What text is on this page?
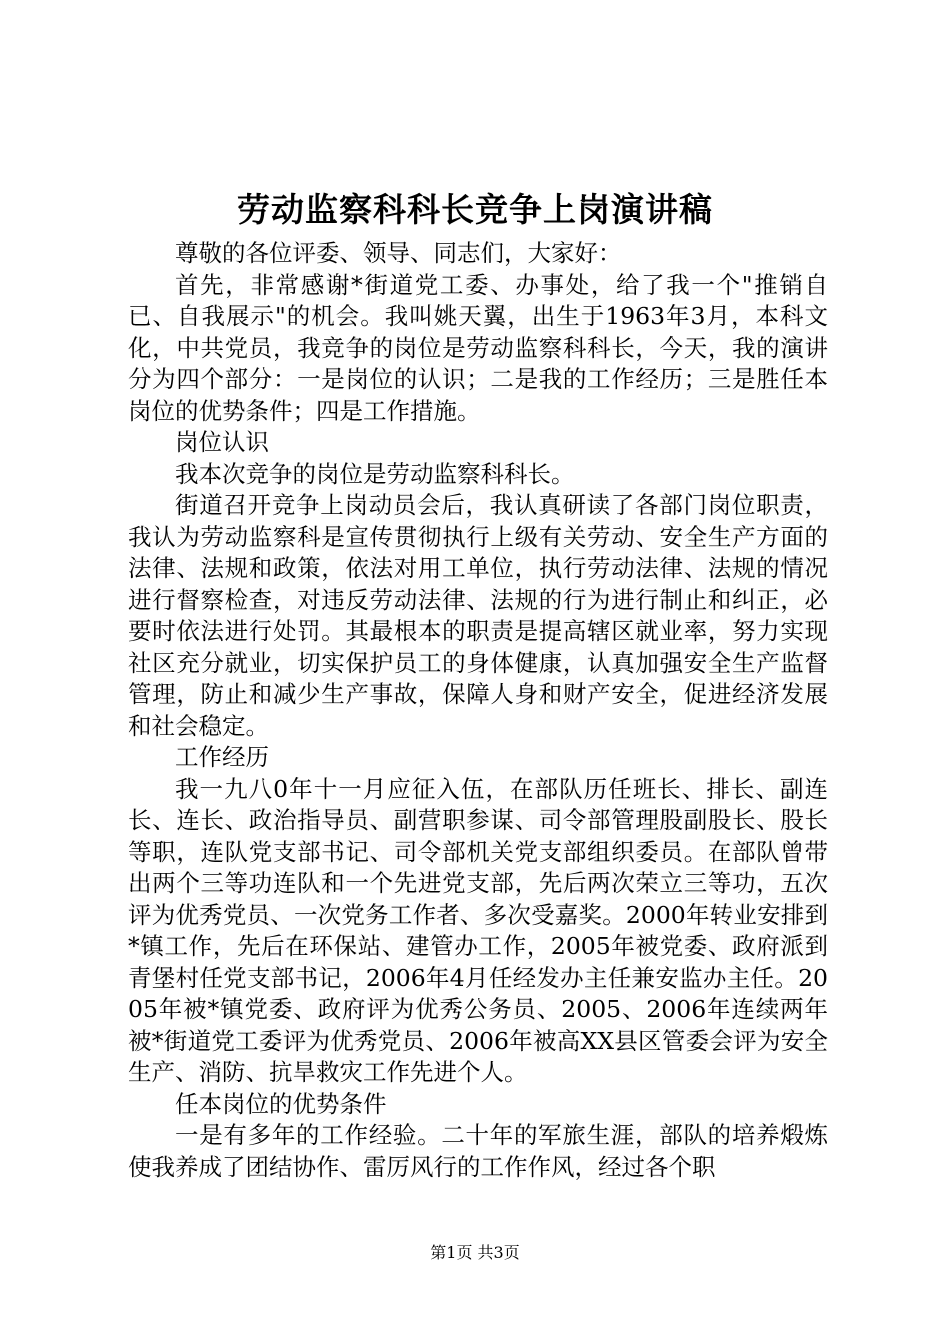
劳动监察科科长竞争上岗演讲稿

尊敬的各位评委、领导、同志们，大家好：

首先，非常感谢*街道党工委、办事处，给了我一个"推销自已、自我展示"的机会。我叫姚天翼，出生于1963年3月，本科文化，中共党员，我竞争的岗位是劳动监察科科长，今天，我的演讲分为四个部分：一是岗位的认识；二是我的工作经历；三是胜任本岗位的优势条件；四是工作措施。

岗位认识

我本次竞争的岗位是劳动监察科科长。

街道召开竞争上岗动员会后，我认真研读了各部门岗位职责，我认为劳动监察科是宣传贯彻执行上级有关劳动、安全生产方面的法律、法规和政策，依法对用工单位，执行劳动法律、法规的情况进行督察检查，对违反劳动法律、法规的行为进行制止和纠正，必要时依法进行处罚。其最根本的职责是提高辖区就业率，努力实现社区充分就业，切实保护员工的身体健康，认真加强安全生产监督管理，防止和减少生产事故，保障人身和财产安全，促进经济发展和社会稳定。

工作经历

我一九八0年十一月应征入伍，在部队历任班长、排长、副连长、连长、政治指导员、副营职参谋、司令部管理股副股长、股长等职，连队党支部书记、司令部机关党支部组织委员。在部队曾带出两个三等功连队和一个先进党支部，先后两次荣立三等功，五次评为优秀党员、一次党务工作者、多次受嘉奖。2000年转业安排到*镇工作，先后在环保站、建管办工作，2005年被党委、政府派到青堡村任党支部书记，2006年4月任经发办主任兼安监办主任。2005年被*镇党委、政府评为优秀公务员、2005、2006年连续两年被*街道党工委评为优秀党员、2006年被高XX县区管委会评为安全生产、消防、抗旱救灾工作先进个人。

任本岗位的优势条件

一是有多年的工作经验。二十年的军旅生涯，部队的培养煅炼使我养成了团结协作、雷厉风行的工作作风，经过各个职

第1页 共3页
